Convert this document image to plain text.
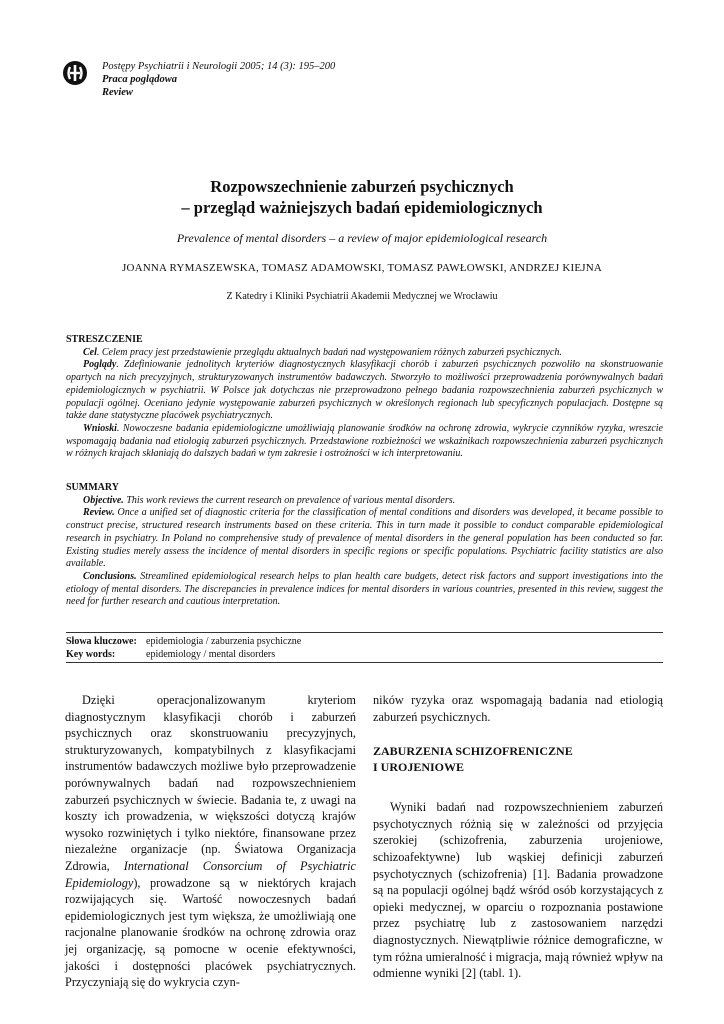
Postępy Psychiatrii i Neurologii 2005; 14 (3): 195–200
Praca poglądowa
Review
Rozpowszechnienie zaburzeń psychicznych
– przegląd ważniejszych badań epidemiologicznych
Prevalence of mental disorders – a review of major epidemiological research
JOANNA RYMASZEWSKA, TOMASZ ADAMOWSKI, TOMASZ PAWŁOWSKI, ANDRZEJ KIEJNA
Z Katedry i Kliniki Psychiatrii Akademii Medycznej we Wrocławiu
STRESZCZENIE

Cel. Celem pracy jest przedstawienie przeglądu aktualnych badań nad występowaniem różnych zaburzeń psychicznych.

Poglądy. Zdefiniowanie jednolitych kryteriów diagnostycznych klasyfikacji chorób i zaburzeń psychicznych pozwoliło na skonstruowanie opartych na nich precyzyjnych, strukturyzowanych instrumentów badawczych. Stworzyło to możliwości przeprowadzenia porównywalnych badań epidemiologicznych w psychiatrii. W Polsce jak dotychczas nie przeprowadzono pełnego badania rozpowszechnienia zaburzeń psychicznych w populacji ogólnej. Oceniano jedynie występowanie zaburzeń psychicznych w określonych regionach lub specyficznych populacjach. Dostępne są także dane statystyczne placówek psychiatrycznych.

Wnioski. Nowoczesne badania epidemiologiczne umożliwiają planowanie środków na ochronę zdrowia, wykrycie czynników ryzyka, wreszcie wspomagają badania nad etiologią zaburzeń psychicznych. Przedstawione rozbieżności we wskaźnikach rozpowszechnienia zaburzeń psychicznych w różnych krajach skłaniają do dalszych badań w tym zakresie i ostrożności w ich interpretowaniu.

SUMMARY

Objective. This work reviews the current research on prevalence of various mental disorders.

Review. Once a unified set of diagnostic criteria for the classification of mental conditions and disorders was developed, it became possible to construct precise, structured research instruments based on these criteria. This in turn made it possible to conduct comparable epidemiological research in psychiatry. In Poland no comprehensive study of prevalence of mental disorders in the general population has been conducted so far. Existing studies merely assess the incidence of mental disorders in specific regions or specific populations. Psychiatric facility statistics are also available.

Conclusions. Streamlined epidemiological research helps to plan health care budgets, detect risk factors and support investigations into the etiology of mental disorders. The discrepancies in prevalence indices for mental disorders in various countries, presented in this review, suggest the need for further research and cautious interpretation.

Słowa kluczowe: epidemiologia / zaburzenia psychiczne
Key words:	epidemiology / mental disorders

Dzięki operacjonalizowanym kryteriom diagnostycznym klasyfikacji chorób i zaburzeń psychicznych oraz skonstruowaniu precyzyjnych, strukturyzowanych, kompatybilnych z klasyfikacjami instrumentów badawczych możliwe było przeprowadzenie porównywalnych badań nad rozpowszechnieniem zaburzeń psychicznych w świecie. Badania te, z uwagi na koszty ich prowadzenia, w większości dotyczą krajów wysoko rozwiniętych i tylko niektóre, finansowane przez niezależne organizacje (np. Światowa Organizacja Zdrowia, International Consorcium of Psychiatric Epidemiology), prowadzone są w niektórych krajach rozwijających się. Wartość nowoczesnych badań epidemiologicznych jest tym większa, że umożliwiają one racjonalne planowanie środków na ochronę zdrowia oraz jej organizację, są pomocne w ocenie efektywności, jakości i dostępności placówek psychiatrycznych. Przyczyniają się do wykrycia czyn-

ników ryzyka oraz wspomagają badania nad etiologią zaburzeń psychicznych.

ZABURZENIA SCHIZOFRENICZNE
I UROJENIOWE

Wyniki badań nad rozpowszechnieniem zaburzeń psychotycznych różnią się w zależności od przyjęcia szerokiej (schizofrenia, zaburzenia urojeniowe, schizoafektywne) lub wąskiej definicji zaburzeń psychotycznych (schizofrenia) [1]. Badania prowadzone są na populacji ogólnej bądź wśród osób korzystających z opieki medycznej, w oparciu o rozpoznania postawione przez psychiatrę lub z zastosowaniem narzędzi diagnostycznych. Niewątpliwie różnice demograficzne, w tym różna umieralność i migracja, mają również wpływ na odmienne wyniki [2] (tabl. 1).
